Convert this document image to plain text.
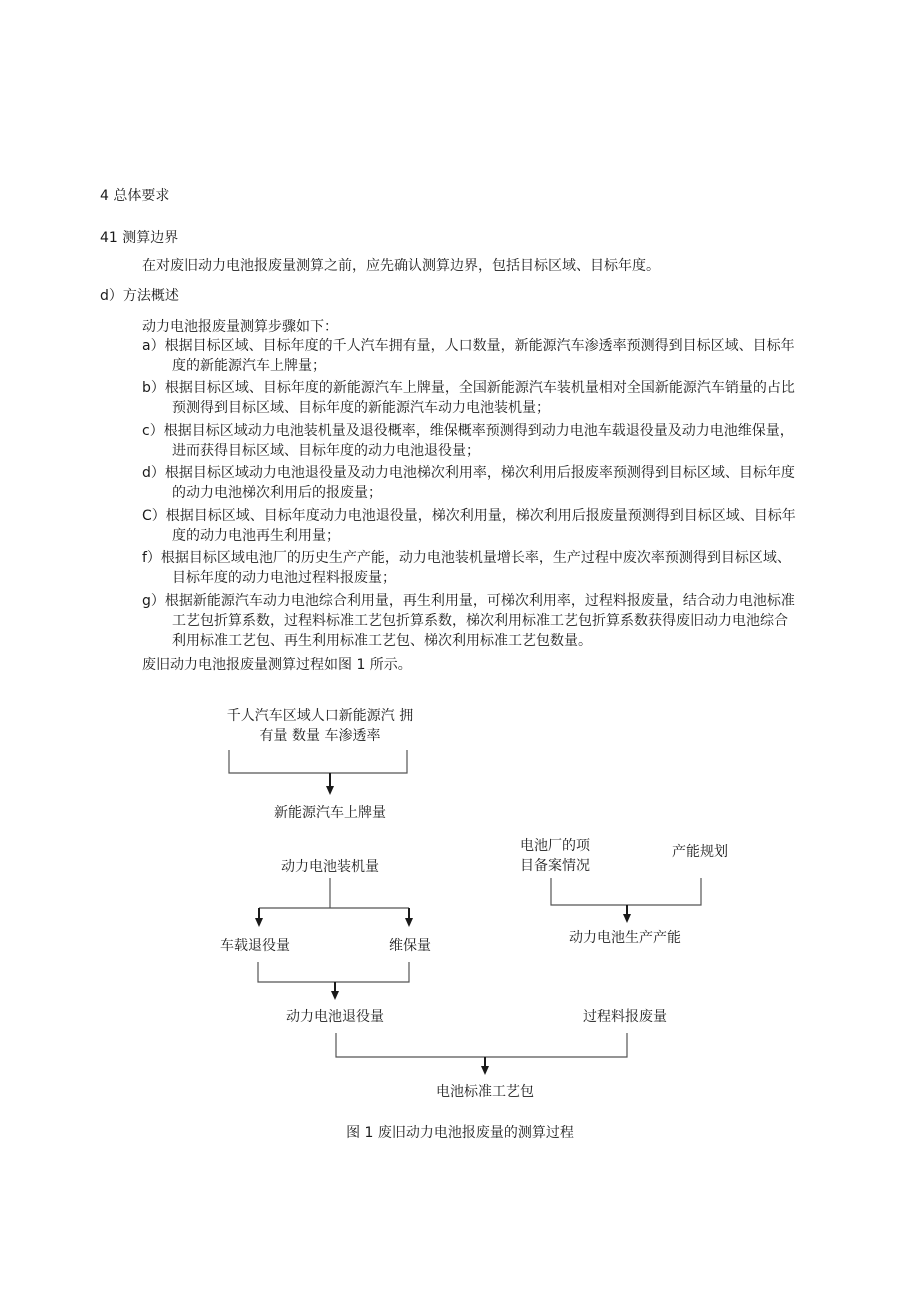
4 总体要求
41 测算边界
在对废旧动力电池报废量测算之前，应先确认测算边界，包括目标区域、目标年度。
d）方法概述
动力电池报废量测算步骤如下：
a）根据目标区域、目标年度的千人汽车拥有量，人口数量，新能源汽车渗透率预测得到目标区域、目标年
度的新能源汽车上牌量；
b）根据目标区域、目标年度的新能源汽车上牌量，全国新能源汽车装机量相对全国新能源汽车销量的占比
预测得到目标区域、目标年度的新能源汽车动力电池装机量；
c）根据目标区域动力电池装机量及退役概率，维保概率预测得到动力电池车载退役量及动力电池维保量，
进而获得目标区域、目标年度的动力电池退役量；
d）根据目标区域动力电池退役量及动力电池梯次利用率，梯次利用后报废率预测得到目标区域、目标年度
的动力电池梯次利用后的报废量；
C）根据目标区域、目标年度动力电池退役量，梯次利用量，梯次利用后报废量预测得到目标区域、目标年
度的动力电池再生利用量；
f）根据目标区域电池厂的历史生产产能，动力电池装机量增长率，生产过程中废次率预测得到目标区域、
目标年度的动力电池过程料报废量；
g）根据新能源汽车动力电池综合利用量，再生利用量，可梯次利用率，过程料报废量，结合动力电池标准
工艺包折算系数，过程料标准工艺包折算系数，梯次利用标准工艺包折算系数获得废旧动力电池综合
利用标准工艺包、再生利用标准工艺包、梯次利用标准工艺包数量。
废旧动力电池报废量测算过程如图 1 所示。
千人汽车区域人口新能源汽 拥
有量 数量 车渗透率
新能源汽车上牌量
动力电池装机量
电池厂的项
目备案情况
产能规划
动力电池生产产能
车载退役量	维保量
动力电池退役量	过程料报废量
电池标准工艺包
图 1 废旧动力电池报废量的测算过程
